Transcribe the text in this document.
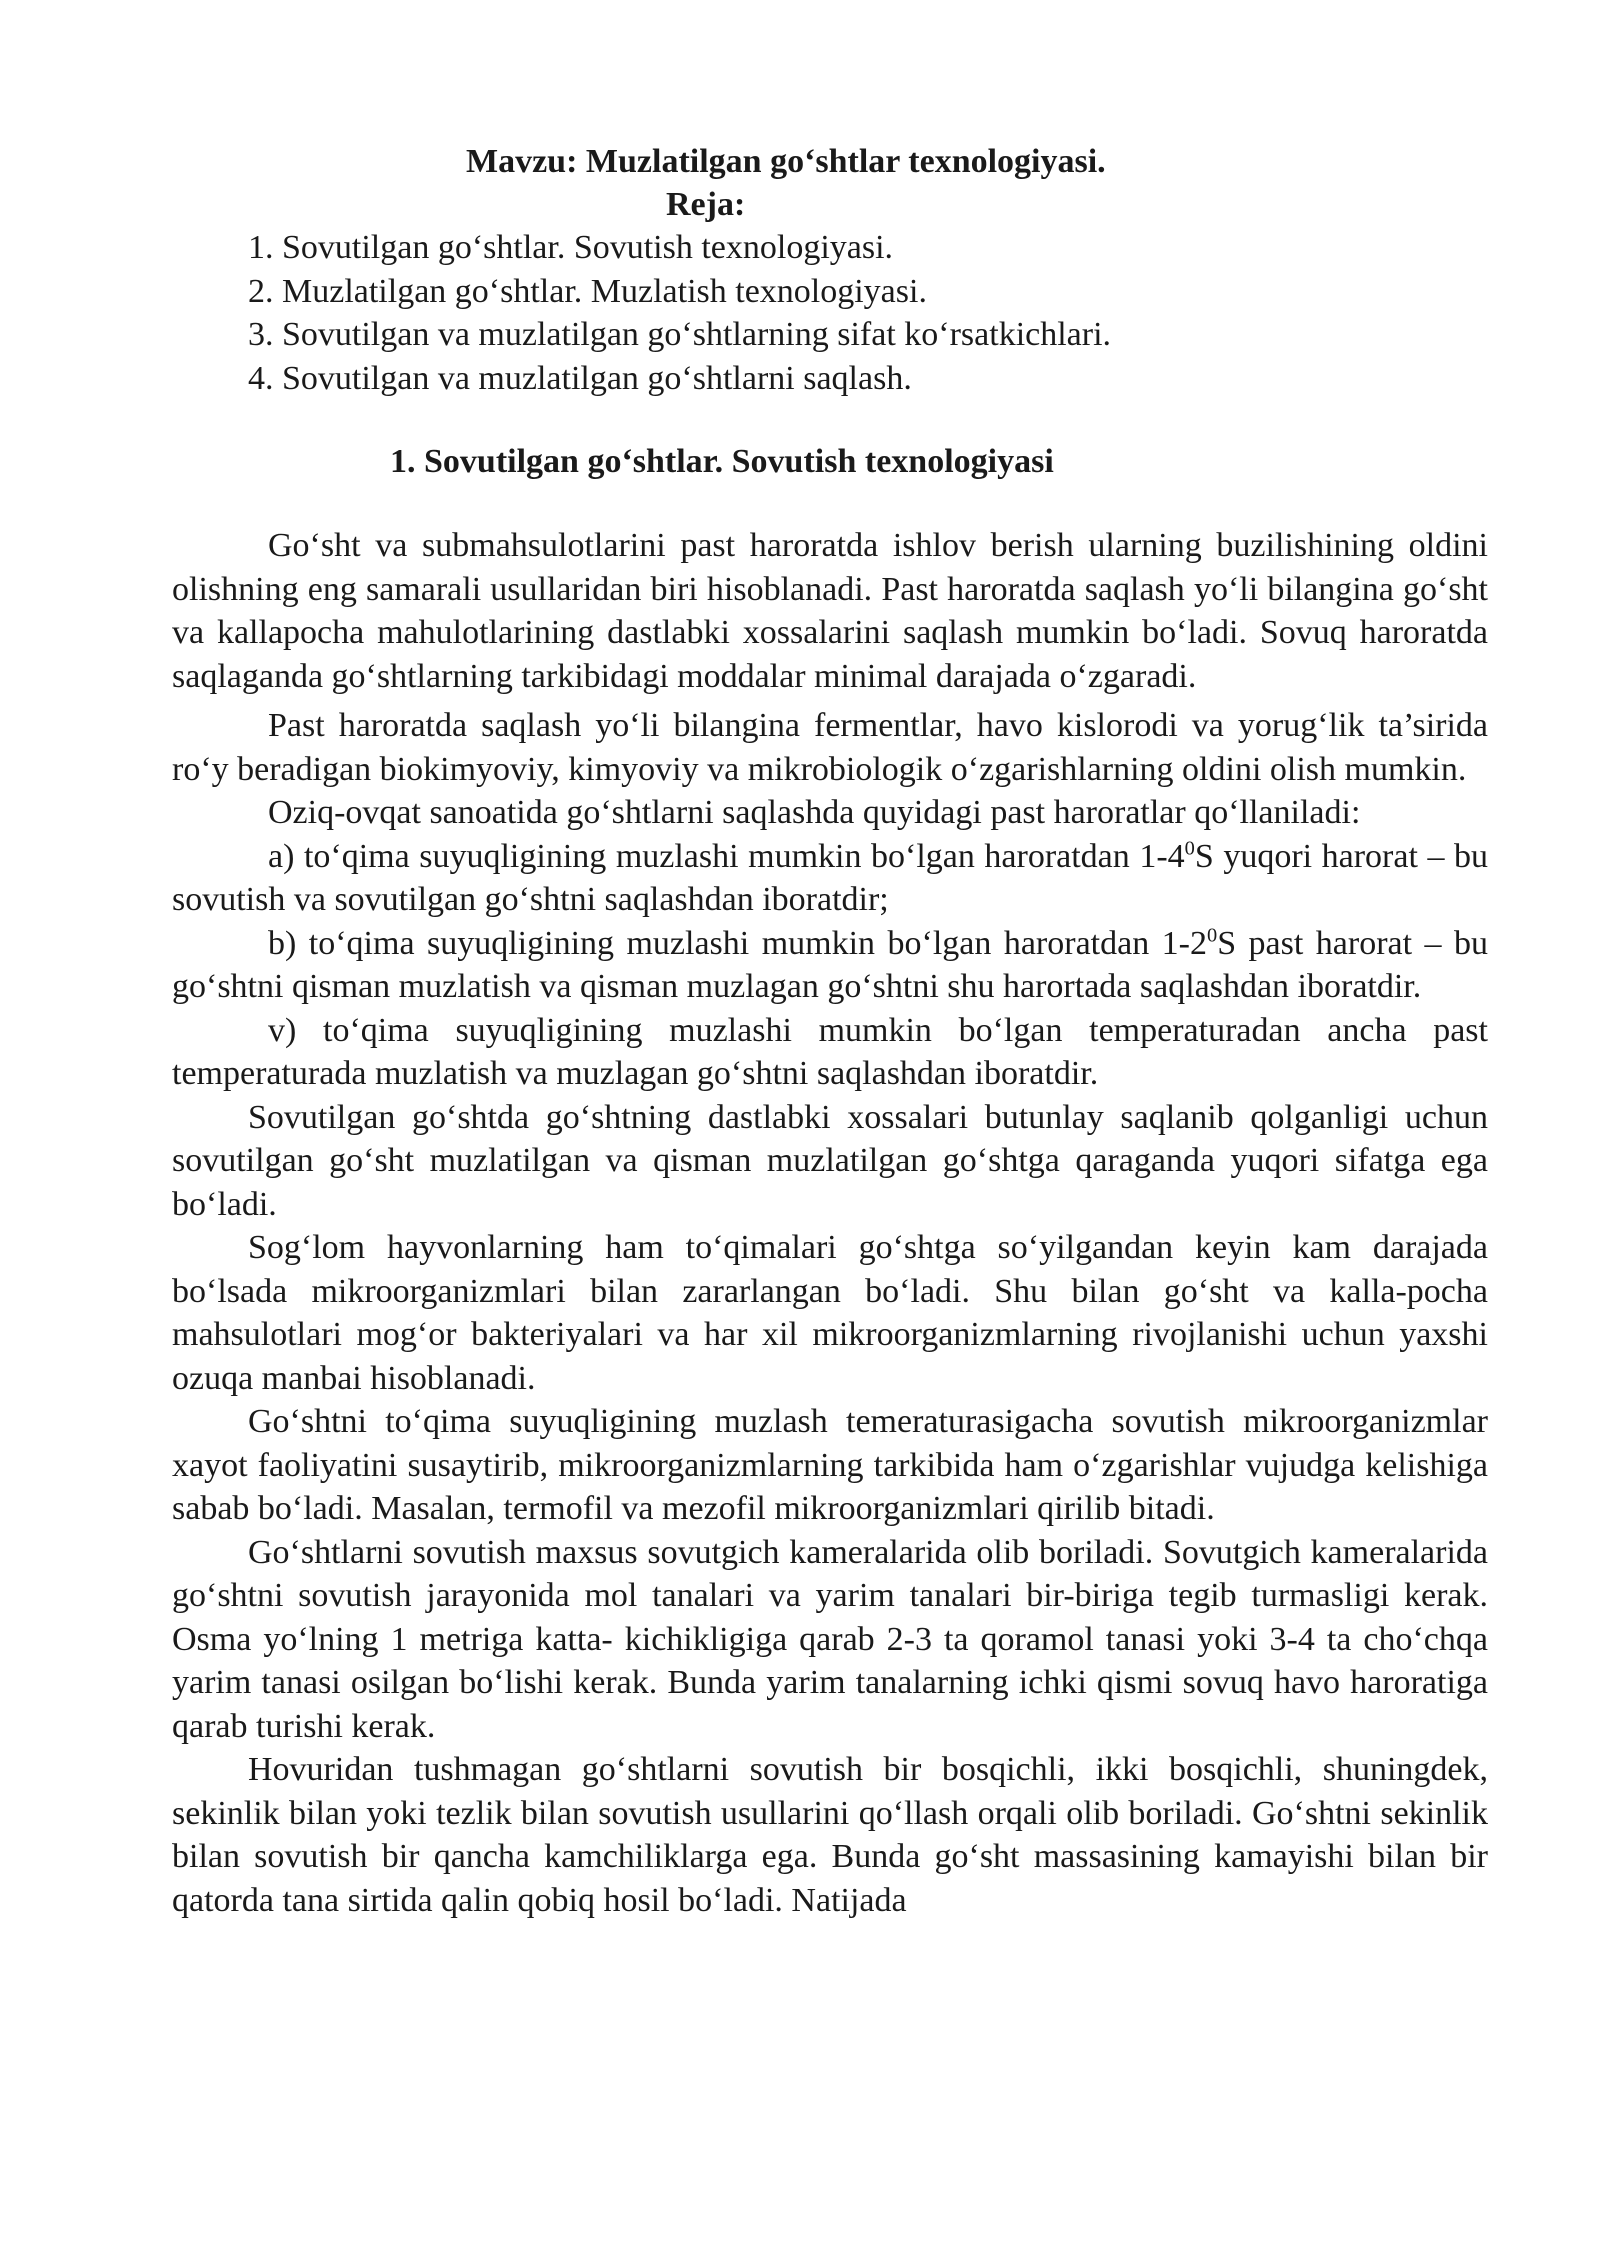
Mavzu: Muzlatilgan go‘shtlar texnologiyasi.
Reja:
1. Sovutilgan go‘shtlar. Sovutish texnologiyasi.
2. Muzlatilgan go‘shtlar. Muzlatish texnologiyasi.
3. Sovutilgan va muzlatilgan go‘shtlarning sifat ko‘rsatkichlari.
4. Sovutilgan va muzlatilgan go‘shtlarni saqlash.
1. Sovutilgan go‘shtlar. Sovutish texnologiyasi

Go‘sht va submahsulotlarini past haroratda ishlov berish ularning buzilishining oldini olishning eng samarali usullaridan biri hisoblanadi. Past haroratda saqlash yo‘li bilangina go‘sht va kallapocha mahulotlarining dastlabki xossalarini saqlash mumkin bo‘ladi. Sovuq haroratda saqlaganda go‘shtlarning tarkibidagi moddalar minimal darajada o‘zgaradi.

Past haroratda saqlash yo‘li bilangina fermentlar, havo kislorodi va yorug‘lik ta’sirida ro‘y beradigan biokimyoviy, kimyoviy va mikrobiologik o‘zgarishlarning oldini olish mumkin.

Oziq-ovqat sanoatida go‘shtlarni saqlashda quyidagi past haroratlar qo‘llaniladi:

a) to‘qima suyuqligining muzlashi mumkin bo‘lgan haroratdan $1-4^0S$ yuqori harorat – bu sovutish va sovutilgan go‘shtni saqlashdan iboratdir;

b) to‘qima suyuqligining muzlashi mumkin bo‘lgan haroratdan $1-2^0S$ past harorat – bu go‘shtni qisman muzlatish va qisman muzlagan go‘shtni shu harortada saqlashdan iboratdir.

v) to‘qima suyuqligining muzlashi mumkin bo‘lgan temperaturadan ancha past temperaturada muzlatish va muzlagan go‘shtni saqlashdan iboratdir.

Sovutilgan go‘shtda go‘shtning dastlabki xossalari butunlay saqlanib qolganligi uchun sovutilgan go‘sht muzlatilgan va qisman muzlatilgan go‘shtga qaraganda yuqori sifatga ega bo‘ladi.

Sog‘lom hayvonlarning ham to‘qimalari go‘shtga so‘yilgandan keyin kam darajada bo‘lsada mikroorganizmlari bilan zararlangan bo‘ladi. Shu bilan go‘sht va kalla-pocha mahsulotlari mog‘or bakteriyalari va har xil mikroorganizmlarning rivojlanishi uchun yaxshi ozuqa manbai hisoblanadi.

Go‘shtni to‘qima suyuqligining muzlash temeraturasigacha sovutish mikroorganizmlar xayot faoliyatini susaytirib, mikroorganizmlarning tarkibida ham o‘zgarishlar vujudga kelishiga sabab bo‘ladi. Masalan, termofil va mezofil mikroorganizmlari qirilib bitadi.

Go‘shtlarni sovutish maxsus sovutgich kameralarida olib boriladi. Sovutgich kameralarida go‘shtni sovutish jarayonida mol tanalari va yarim tanalari bir-biriga tegib turmasligi kerak. Osma yo‘lning 1 metriga katta- kichikligiga qarab 2-3 ta qoramol tanasi yoki 3-4 ta cho‘chqa yarim tanasi osilgan bo‘lishi kerak. Bunda yarim tanalarning ichki qismi sovuq havo haroratiga qarab turishi kerak.

Hovuridan tushmagan go‘shtlarni sovutish bir bosqichli, ikki bosqichli, shuningdek, sekinlik bilan yoki tezlik bilan sovutish usullarini qo‘llash orqali olib boriladi. Go‘shtni sekinlik bilan sovutish bir qancha kamchiliklarga ega. Bunda go‘sht massasining kamayishi bilan bir qatorda tana sirtida qalin qobiq hosil bo‘ladi. Natijada
